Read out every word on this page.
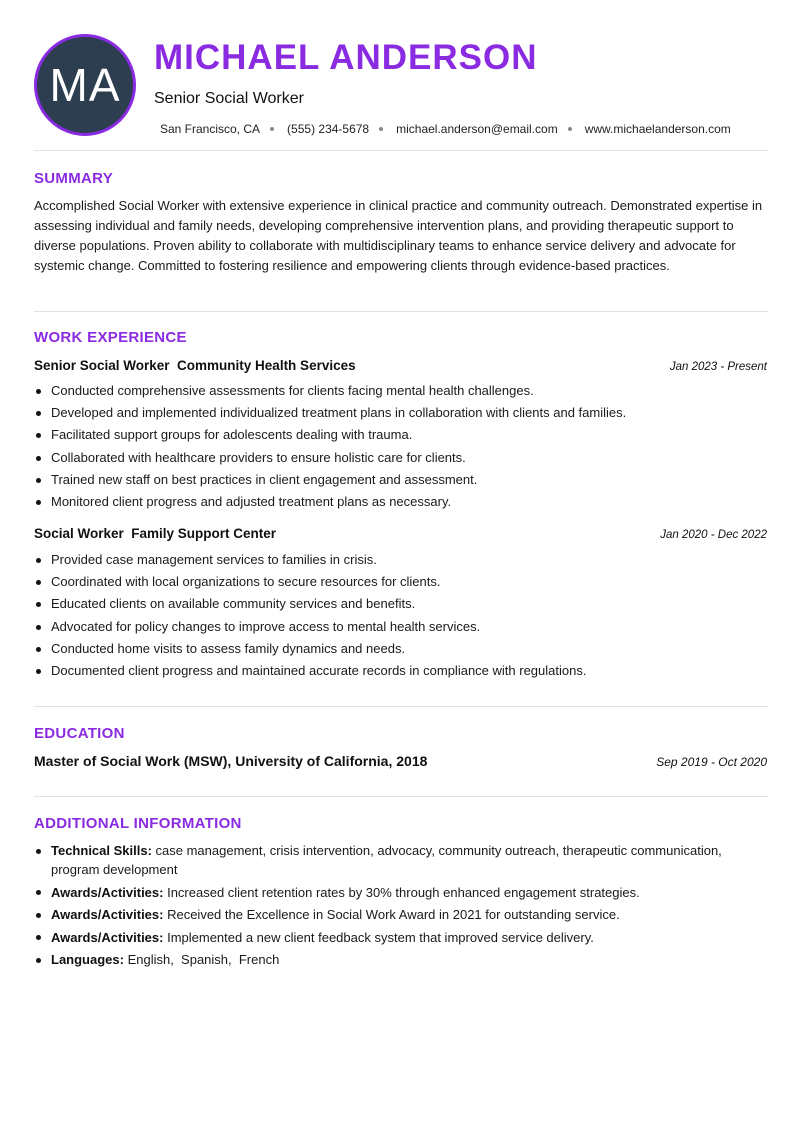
MA
MICHAEL ANDERSON
Senior Social Worker
San Francisco, CA (555) 234-5678 michael.anderson@email.com www.michaelanderson.com
SUMMARY
Accomplished Social Worker with extensive experience in clinical practice and community outreach. Demonstrated expertise in assessing individual and family needs, developing comprehensive intervention plans, and providing therapeutic support to diverse populations. Proven ability to collaborate with multidisciplinary teams to enhance service delivery and advocate for systemic change. Committed to fostering resilience and empowering clients through evidence-based practices.
WORK EXPERIENCE
Senior Social Worker  Community Health Services	Jan 2023 - Present
Conducted comprehensive assessments for clients facing mental health challenges.
Developed and implemented individualized treatment plans in collaboration with clients and families.
Facilitated support groups for adolescents dealing with trauma.
Collaborated with healthcare providers to ensure holistic care for clients.
Trained new staff on best practices in client engagement and assessment.
Monitored client progress and adjusted treatment plans as necessary.
Social Worker  Family Support Center	Jan 2020 - Dec 2022
Provided case management services to families in crisis.
Coordinated with local organizations to secure resources for clients.
Educated clients on available community services and benefits.
Advocated for policy changes to improve access to mental health services.
Conducted home visits to assess family dynamics and needs.
Documented client progress and maintained accurate records in compliance with regulations.
EDUCATION
Master of Social Work (MSW), University of California, 2018	Sep 2019 - Oct 2020
ADDITIONAL INFORMATION
Technical Skills: case management, crisis intervention, advocacy, community outreach, therapeutic communication, program development
Awards/Activities: Increased client retention rates by 30% through enhanced engagement strategies.
Awards/Activities: Received the Excellence in Social Work Award in 2021 for outstanding service.
Awards/Activities: Implemented a new client feedback system that improved service delivery.
Languages: English,  Spanish,  French
